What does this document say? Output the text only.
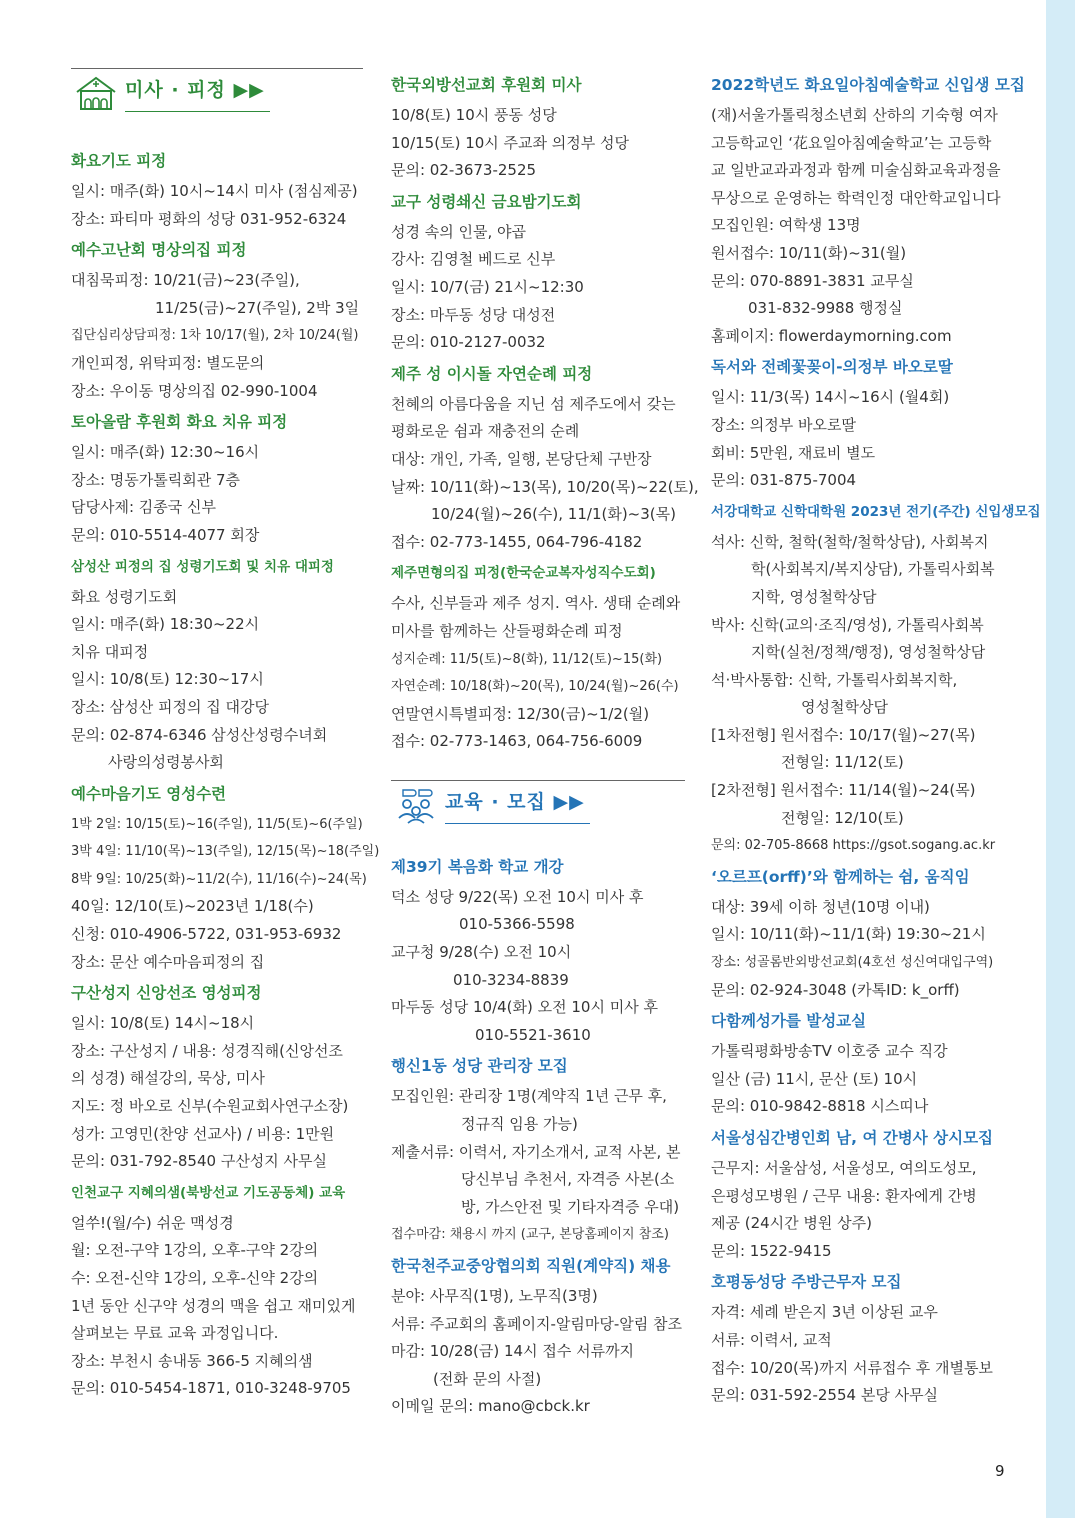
미사 · 피정 ▶▶
화요기도 피정
일시: 매주(화) 10시~14시 미사 (점심제공)
장소: 파티마 평화의 성당 031-952-6324
예수고난회 명상의집 피정
대침묵피정: 10/21(금)~23(주일),
11/25(금)~27(주일), 2박 3일
집단심리상담피정: 1차 10/17(월), 2차 10/24(월)
개인피정, 위탁피정: 별도문의
장소: 우이동 명상의집 02-990-1004
토아올람 후원회 화요 치유 피정
일시: 매주(화) 12:30~16시
장소: 명동가톨릭회관 7층
담당사제: 김종국 신부
문의: 010-5514-4077 회장
삼성산 피정의 집 성령기도회 및 치유 대피정
화요 성령기도회
일시: 매주(화) 18:30~22시
치유 대피정
일시: 10/8(토) 12:30~17시
장소: 삼성산 피정의 집 대강당
문의: 02-874-6346 삼성산성령수녀회
사랑의성령봉사회
예수마음기도 영성수련
1박 2일: 10/15(토)~16(주일), 11/5(토)~6(주일)
3박 4일: 11/10(목)~13(주일), 12/15(목)~18(주일)
8박 9일: 10/25(화)~11/2(수), 11/16(수)~24(목)
40일: 12/10(토)~2023년 1/18(수)
신청: 010-4906-5722, 031-953-6932
장소: 문산 예수마음피정의 집
구산성지 신앙선조 영성피정
일시: 10/8(토) 14시~18시
장소: 구산성지 / 내용: 성경직해(신앙선조
의 성경) 해설강의, 묵상, 미사
지도: 정 바오로 신부(수원교회사연구소장)
성가: 고영민(찬양 선교사) / 비용: 1만원
문의: 031-792-8540 구산성지 사무실
인천교구 지혜의샘(북방선교 기도공동체) 교육
얼쑤!(월/수) 쉬운 맥성경
월: 오전-구약 1강의, 오후-구약 2강의
수: 오전-신약 1강의, 오후-신약 2강의
1년 동안 신구약 성경의 맥을 쉽고 재미있게
살펴보는 무료 교육 과정입니다.
장소: 부천시 송내동 366-5 지혜의샘
문의: 010-5454-1871, 010-3248-9705
한국외방선교회 후원회 미사
10/8(토) 10시 풍동 성당
10/15(토) 10시 주교좌 의정부 성당
문의: 02-3673-2525
교구 성령쇄신 금요밤기도회
성경 속의 인물, 야곱
강사: 김영철 베드로 신부
일시: 10/7(금) 21시~12:30
장소: 마두동 성당 대성전
문의: 010-2127-0032
제주 성 이시돌 자연순례 피정
천혜의 아름다움을 지닌 섬 제주도에서 갖는
평화로운 쉼과 재충전의 순례
대상: 개인, 가족, 일행, 본당단체 구반장
날짜: 10/11(화)~13(목), 10/20(목)~22(토),
10/24(월)~26(수), 11/1(화)~3(목)
접수: 02-773-1455, 064-796-4182
제주면형의집 피정(한국순교복자성직수도회)
수사, 신부들과 제주 성지. 역사. 생태 순례와
미사를 함께하는 산들평화순례 피정
성지순례: 11/5(토)~8(화), 11/12(토)~15(화)
자연순례: 10/18(화)~20(목), 10/24(월)~26(수)
연말연시특별피정: 12/30(금)~1/2(월)
접수: 02-773-1463, 064-756-6009
교육 · 모집 ▶▶
제39기 복음화 학교 개강
덕소 성당 9/22(목) 오전 10시 미사 후
010-5366-5598
교구청 9/28(수) 오전 10시
010-3234-8839
마두동 성당 10/4(화) 오전 10시 미사 후
010-5521-3610
행신1동 성당 관리장 모집
모집인원: 관리장 1명(계약직 1년 근무 후,
정규직 임용 가능)
제출서류: 이력서, 자기소개서, 교적 사본, 본
당신부님 추천서, 자격증 사본(소
방, 가스안전 및 기타자격증 우대)
접수마감: 채용시 까지 (교구, 본당홈페이지 참조)
한국천주교중앙협의회 직원(계약직) 채용
분야: 사무직(1명), 노무직(3명)
서류: 주교회의 홈페이지-알림마당-알림 참조
마감: 10/28(금) 14시 접수 서류까지
(전화 문의 사절)
이메일 문의: mano@cbck.kr
2022학년도 화요일아침예술학교 신입생 모집
(재)서울가톨릭청소년회 산하의 기숙형 여자
고등학교인 ‘花요일아침예술학교’는 고등학
교 일반교과과정과 함께 미술심화교육과정을
무상으로 운영하는 학력인정 대안학교입니다
모집인원: 여학생 13명
원서접수: 10/11(화)~31(월)
문의: 070-8891-3831 교무실
031-832-9988 행정실
홈페이지: flowerdaymorning.com
독서와 전례꽃꽂이-의정부 바오로딸
일시: 11/3(목) 14시~16시 (월4회)
장소: 의정부 바오로딸
회비: 5만원, 재료비 별도
문의: 031-875-7004
서강대학교 신학대학원 2023년 전기(주간) 신입생모집
석사: 신학, 철학(철학/철학상담), 사회복지
학(사회복지/복지상담), 가톨릭사회복
지학, 영성철학상담
박사: 신학(교의·조직/영성), 가톨릭사회복
지학(실천/정책/행정), 영성철학상담
석·박사통합: 신학, 가톨릭사회복지학,
영성철학상담
[1차전형] 원서접수: 10/17(월)~27(목)
전형일: 11/12(토)
[2차전형] 원서접수: 11/14(월)~24(목)
전형일: 12/10(토)
문의: 02-705-8668 https://gsot.sogang.ac.kr
‘오르프(orff)’와 함께하는 쉼, 움직임
대상: 39세 이하 청년(10명 이내)
일시: 10/11(화)~11/1(화) 19:30~21시
장소: 성골롬반외방선교회(4호선 성신여대입구역)
문의: 02-924-3048 (카톡ID: k_orff)
다함께성가를 발성교실
가톨릭평화방송TV 이호중 교수 직강
일산 (금) 11시, 문산 (토) 10시
문의: 010-9842-8818 시스띠나
서울성심간병인회 남, 여 간병사 상시모집
근무지: 서울삼성, 서울성모, 여의도성모,
은평성모병원 / 근무 내용: 환자에게 간병
제공 (24시간 병원 상주)
문의: 1522-9415
호평동성당 주방근무자 모집
자격: 세례 받은지 3년 이상된 교우
서류: 이력서, 교적
접수: 10/20(목)까지 서류접수 후 개별통보
문의: 031-592-2554 본당 사무실
9
